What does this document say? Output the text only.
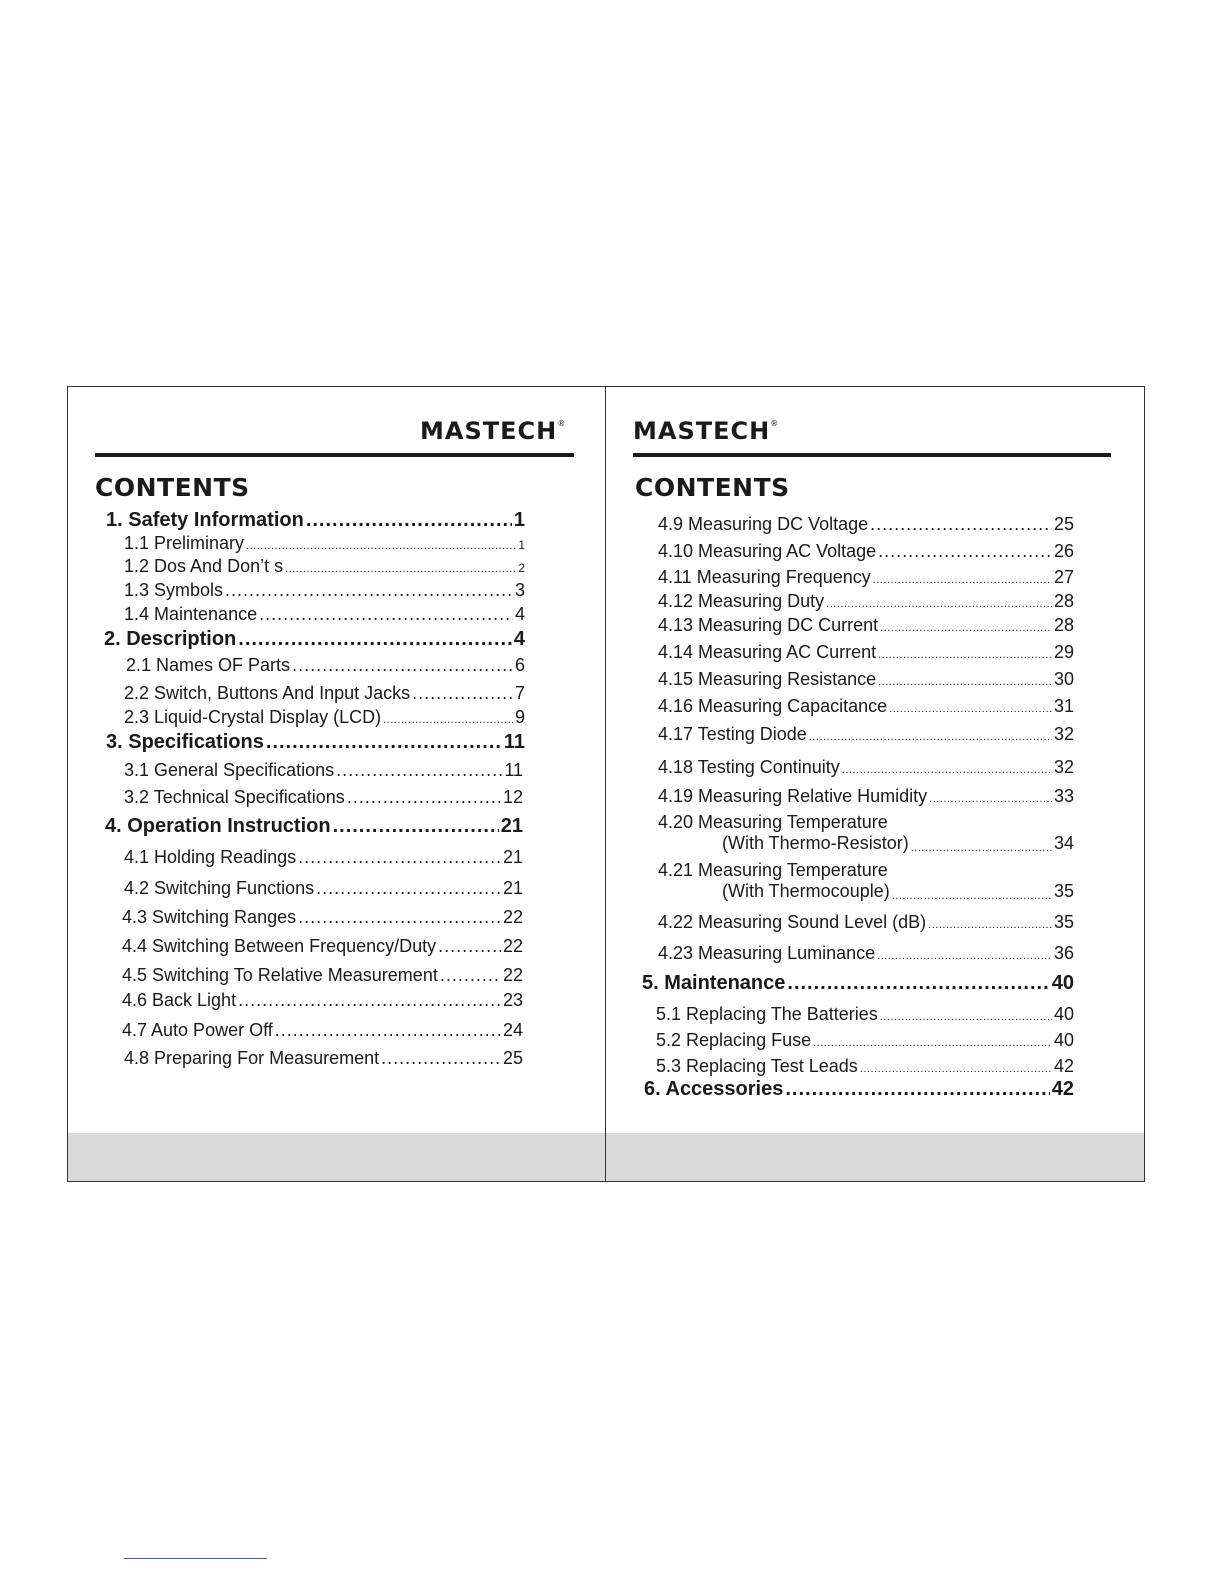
MASTECH®
CONTENTS
1. Safety Information .....	1
1.1 Preliminary .....	1
1.2 Dos And Don’t s .....	2
1.3 Symbols .....	3
1.4 Maintenance .....	4
2. Description .....	4
2.1 Names OF Parts .....	6
2.2 Switch, Buttons And Input Jacks .....	7
2.3 Liquid-Crystal Display (LCD) .....	9
3. Specifications .....	11
3.1 General Specifications .....	11
3.2 Technical Specifications .....	12
4. Operation Instruction .....	21
4.1 Holding Readings .....	21
4.2 Switching Functions .....	21
4.3 Switching Ranges .....	22
4.4 Switching Between Frequency/Duty .....	22
4.5 Switching To Relative Measurement .....	22
4.6 Back Light .....	23
4.7 Auto Power Off .....	24
4.8 Preparing For Measurement .....	25
MASTECH®
CONTENTS
4.9 Measuring DC Voltage .....	25
4.10 Measuring AC Voltage .....	26
4.11 Measuring Frequency .....	27
4.12 Measuring Duty .....	28
4.13 Measuring DC Current .....	28
4.14 Measuring AC Current .....	29
4.15 Measuring Resistance .....	30
4.16 Measuring Capacitance .....	31
4.17 Testing Diode .....	32
4.18 Testing Continuity .....	32
4.19 Measuring Relative Humidity .....	33
4.20 Measuring Temperature
(With Thermo-Resistor) .....	34
4.21 Measuring Temperature
(With Thermocouple) .....	35
4.22 Measuring Sound Level (dB) .....	35
4.23 Measuring Luminance .....	36
5. Maintenance .....	40
5.1 Replacing The Batteries .....	40
5.2 Replacing Fuse .....	40
5.3 Replacing Test Leads .....	42
6. Accessories .....	42
